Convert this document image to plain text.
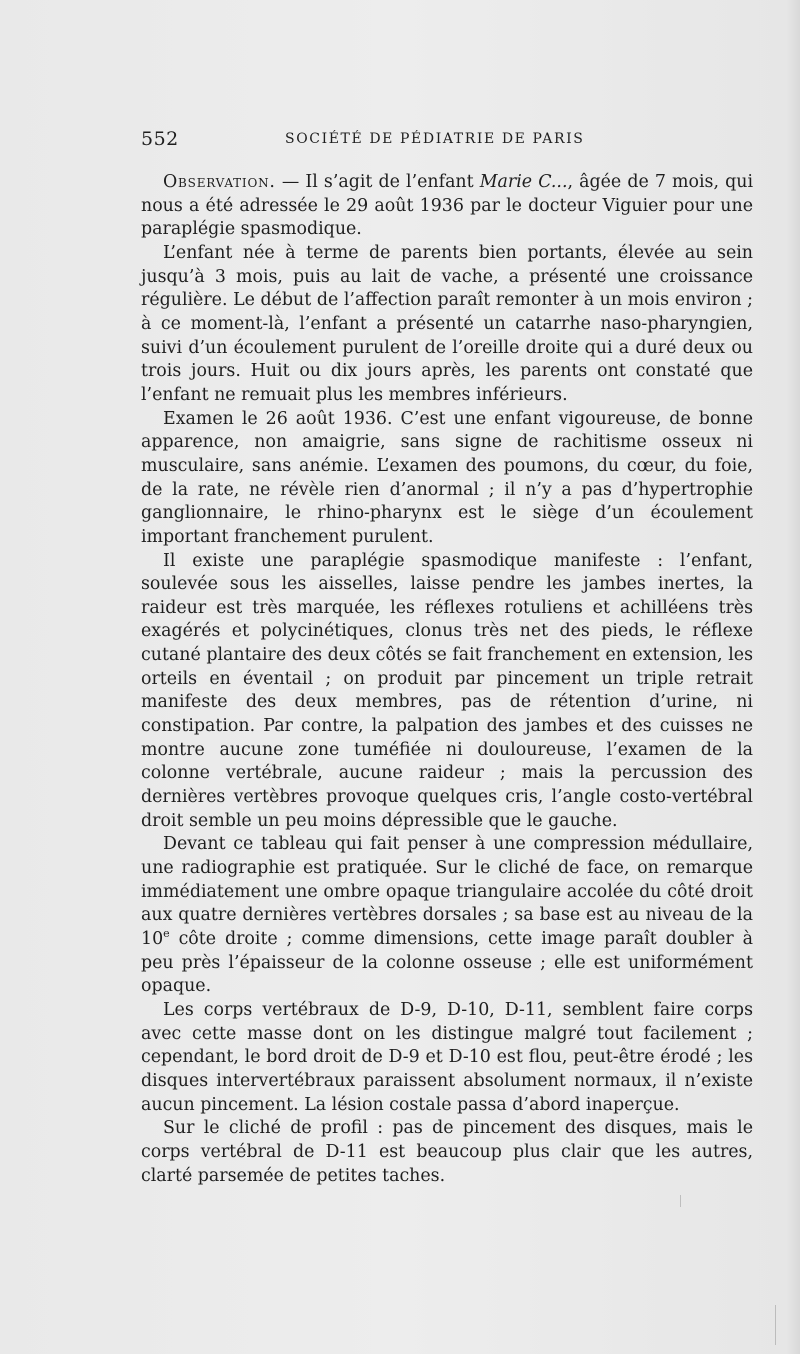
552	SOCIÉTÉ DE PÉDIATRIE DE PARIS

Observation. — Il s’agit de l’enfant Marie C..., âgée de 7 mois, qui nous a été adressée le 29 août 1936 par le docteur Viguier pour une paraplégie spasmodique.

L’enfant née à terme de parents bien portants, élevée au sein jusqu’à 3 mois, puis au lait de vache, a présenté une croissance régulière. Le début de l’affection paraît remonter à un mois environ ; à ce moment-là, l’enfant a présenté un catarrhe naso-pharyngien, suivi d’un écoulement purulent de l’oreille droite qui a duré deux ou trois jours. Huit ou dix jours après, les parents ont constaté que l’enfant ne remuait plus les membres inférieurs.

Examen le 26 août 1936. C’est une enfant vigoureuse, de bonne apparence, non amaigrie, sans signe de rachitisme osseux ni musculaire, sans anémie. L’examen des poumons, du cœur, du foie, de la rate, ne révèle rien d’anormal ; il n’y a pas d’hypertrophie ganglionnaire, le rhino-pharynx est le siège d’un écoulement important franchement purulent.

Il existe une paraplégie spasmodique manifeste : l’enfant, soulevée sous les aisselles, laisse pendre les jambes inertes, la raideur est très marquée, les réflexes rotuliens et achilléens très exagérés et polycinétiques, clonus très net des pieds, le réflexe cutané plantaire des deux côtés se fait franchement en extension, les orteils en éventail ; on produit par pincement un triple retrait manifeste des deux membres, pas de rétention d’urine, ni constipation. Par contre, la palpation des jambes et des cuisses ne montre aucune zone tuméfiée ni douloureuse, l’examen de la colonne vertébrale, aucune raideur ; mais la percussion des dernières vertèbres provoque quelques cris, l’angle costo-vertébral droit semble un peu moins dépressible que le gauche.

Devant ce tableau qui fait penser à une compression médullaire, une radiographie est pratiquée. Sur le cliché de face, on remarque immédiatement une ombre opaque triangulaire accolée du côté droit aux quatre dernières vertèbres dorsales ; sa base est au niveau de la 10e côte droite ; comme dimensions, cette image paraît doubler à peu près l’épaisseur de la colonne osseuse ; elle est uniformément opaque.

Les corps vertébraux de D-9, D-10, D-11, semblent faire corps avec cette masse dont on les distingue malgré tout facilement ; cependant, le bord droit de D-9 et D-10 est flou, peut-être érodé ; les disques intervertébraux paraissent absolument normaux, il n’existe aucun pincement. La lésion costale passa d’abord inaperçue.

Sur le cliché de profil : pas de pincement des disques, mais le corps vertébral de D-11 est beaucoup plus clair que les autres, clarté parsemée de petites taches.
